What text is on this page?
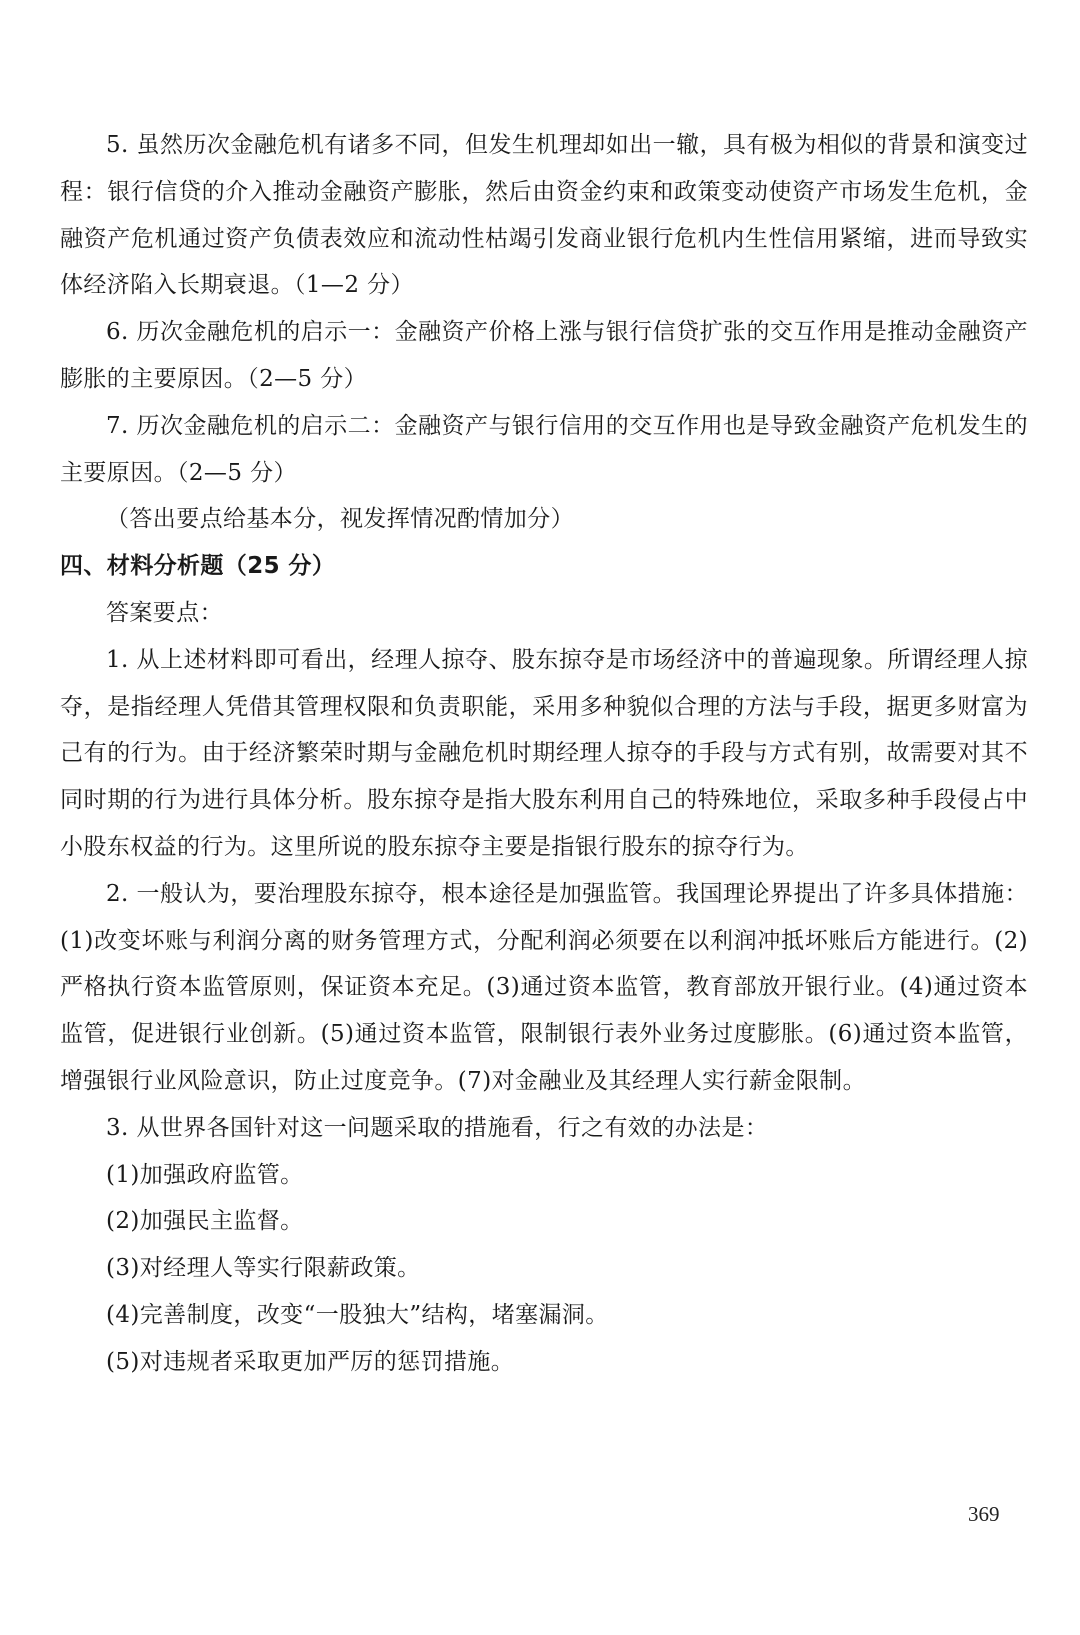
5. 虽然历次金融危机有诸多不同，但发生机理却如出一辙，具有极为相似的背景和演变过程：银行信贷的介入推动金融资产膨胀，然后由资金约束和政策变动使资产市场发生危机，金融资产危机通过资产负债表效应和流动性枯竭引发商业银行危机内生性信用紧缩，进而导致实体经济陷入长期衰退。（1—2 分）

6. 历次金融危机的启示一：金融资产价格上涨与银行信贷扩张的交互作用是推动金融资产膨胀的主要原因。（2—5 分）

7. 历次金融危机的启示二：金融资产与银行信用的交互作用也是导致金融资产危机发生的主要原因。（2—5 分）

（答出要点给基本分，视发挥情况酌情加分）

四、材料分析题（25 分）

答案要点：

1. 从上述材料即可看出，经理人掠夺、股东掠夺是市场经济中的普遍现象。所谓经理人掠夺，是指经理人凭借其管理权限和负责职能，采用多种貌似合理的方法与手段，据更多财富为己有的行为。由于经济繁荣时期与金融危机时期经理人掠夺的手段与方式有别，故需要对其不同时期的行为进行具体分析。股东掠夺是指大股东利用自己的特殊地位，采取多种手段侵占中小股东权益的行为。这里所说的股东掠夺主要是指银行股东的掠夺行为。

2. 一般认为，要治理股东掠夺，根本途径是加强监管。我国理论界提出了许多具体措施：(1)改变坏账与利润分离的财务管理方式，分配利润必须要在以利润冲抵坏账后方能进行。(2)严格执行资本监管原则，保证资本充足。(3)通过资本监管，教育部放开银行业。(4)通过资本监管，促进银行业创新。(5)通过资本监管，限制银行表外业务过度膨胀。(6)通过资本监管，增强银行业风险意识，防止过度竞争。(7)对金融业及其经理人实行薪金限制。

3. 从世界各国针对这一问题采取的措施看，行之有效的办法是：

(1)加强政府监管。

(2)加强民主监督。

(3)对经理人等实行限薪政策。

(4)完善制度，改变“一股独大”结构，堵塞漏洞。

(5)对违规者采取更加严厉的惩罚措施。

369
